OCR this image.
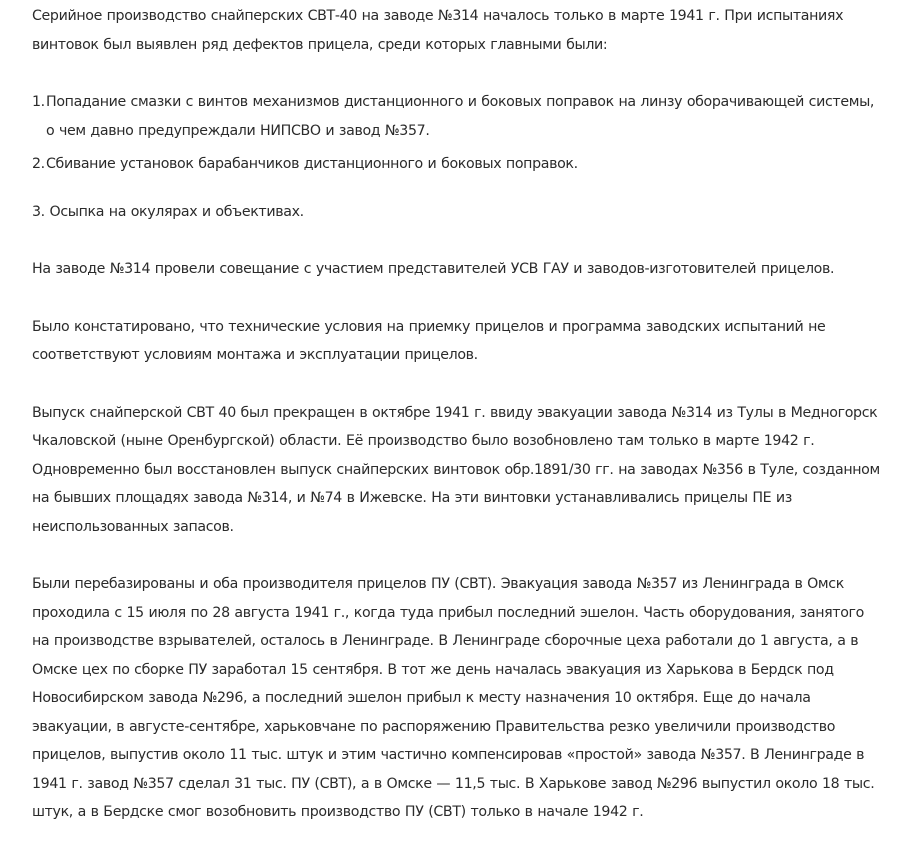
Серийное производство снайперских СВТ-40 на заводе №314 началось только в марте 1941 г. При испытаниях винтовок был выявлен ряд дефектов прицела, среди которых главными были:

1. Попадание смазки с винтов механизмов дистанционного и боковых поправок на линзу оборачивающей системы, о чем давно предупреждали НИПСВО и завод №357.
2. Сбивание установок барабанчиков дистанционного и боковых поправок.

3. Осыпка на окулярах и объективах.

На заводе №314 провели совещание с участием представителей УСВ ГАУ и заводов-изготовителей прицелов.

Было констатировано, что технические условия на приемку прицелов и программа заводских испытаний не соответствуют условиям монтажа и эксплуатации прицелов.

Выпуск снайперской СВТ 40 был прекращен в октябре 1941 г. ввиду эвакуации завода №314 из Тулы в Медногорск Чкаловской (ныне Оренбургской) области. Её производство было возобновлено там только в марте 1942 г. Одновременно был восстановлен выпуск снайперских винтовок обр.1891/30 гг. на заводах №356 в Туле, созданном на бывших площадях завода №314, и №74 в Ижевске. На эти винтовки устанавливались прицелы ПЕ из неиспользованных запасов.

Были перебазированы и оба производителя прицелов ПУ (СВТ). Эвакуация завода №357 из Ленинграда в Омск проходила с 15 июля по 28 августа 1941 г., когда туда прибыл последний эшелон. Часть оборудования, занятого на производстве взрывателей, осталось в Ленинграде. В Ленинграде сборочные цеха работали до 1 августа, а в Омске цех по сборке ПУ заработал 15 сентября. В тот же день началась эвакуация из Харькова в Бердск под Новосибирском завода №296, а последний эшелон прибыл к месту назначения 10 октября. Еще до начала эвакуации, в августе-сентябре, харьковчане по распоряжению Правительства резко увеличили производство прицелов, выпустив около 11 тыс. штук и этим частично компенсировав «простой» завода №357. В Ленинграде в 1941 г. завод №357 сделал 31 тыс. ПУ (СВТ), а в Омске — 11,5 тыс. В Харькове завод №296 выпустил около 18 тыс. штук, а в Бердске смог возобновить производство ПУ (СВТ) только в начале 1942 г.
